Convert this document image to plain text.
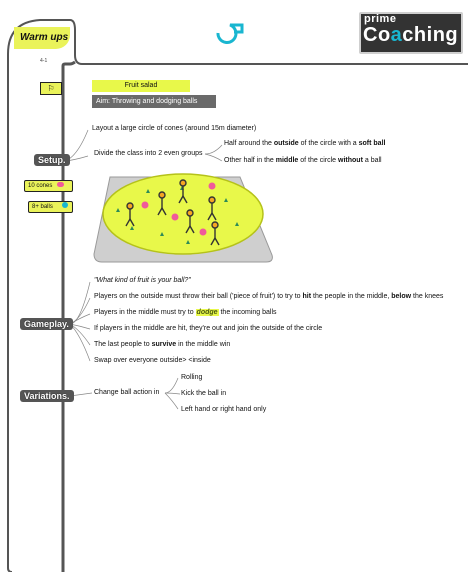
Warm ups
4-1
prime
Coaching
⚐	Fruit salad
Aim: Throwing and dodging balls
Layout a large circle of cones (around 15m diameter)
Divide the class into 2 even groups
Half around the outside of the circle with a soft ball
Other half in the middle of the circle without a ball
Setup.
10 cones
8+ balls
"What kind of fruit is your ball?"
Players on the outside must throw their ball ('piece of fruit') to try to hit the people in the middle, below the knees
Players in the middle must try to dodge the incoming balls
If players in the middle are hit, they're out and join the outside of the circle
The last people to survive in the middle win
Swap over everyone outside> <inside
Gameplay.
Variations.	Change ball action in
Rolling
Kick the ball in
Left hand or right hand only
